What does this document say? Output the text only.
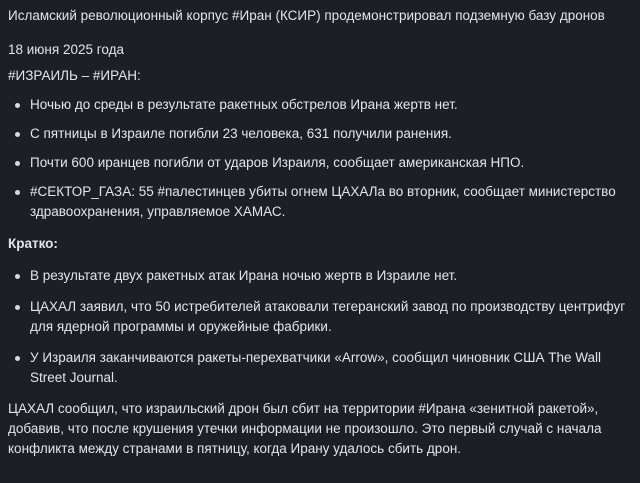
Исламский революционный корпус #Иран (КСИР) продемонстрировал подземную базу дронов

18 июня 2025 года

#ИЗРАИЛЬ – #ИРАН:

Ночью до среды в результате ракетных обстрелов Ирана жертв нет.
С пятницы в Израиле погибли 23 человека, 631 получили ранения.
Почти 600 иранцев погибли от ударов Израиля, сообщает американская НПО.
#СЕКТОР_ГАЗА: 55 #палестинцев убиты огнем ЦАХАЛа во вторник, сообщает министерство здравоохранения, управляемое ХАМАС.

Кратко:

В результате двух ракетных атак Ирана ночью жертв в Израиле нет.
ЦАХАЛ заявил, что 50 истребителей атаковали тегеранский завод по производству центрифуг для ядерной программы и оружейные фабрики.
У Израиля заканчиваются ракеты-перехватчики «Arrow», сообщил чиновник США The Wall Street Journal.

ЦАХАЛ сообщил, что израильский дрон был сбит на территории #Ирана «зенитной ракетой», добавив, что после крушения утечки информации не произошло. Это первый случай с начала конфликта между странами в пятницу, когда Ирану удалось сбить дрон.
